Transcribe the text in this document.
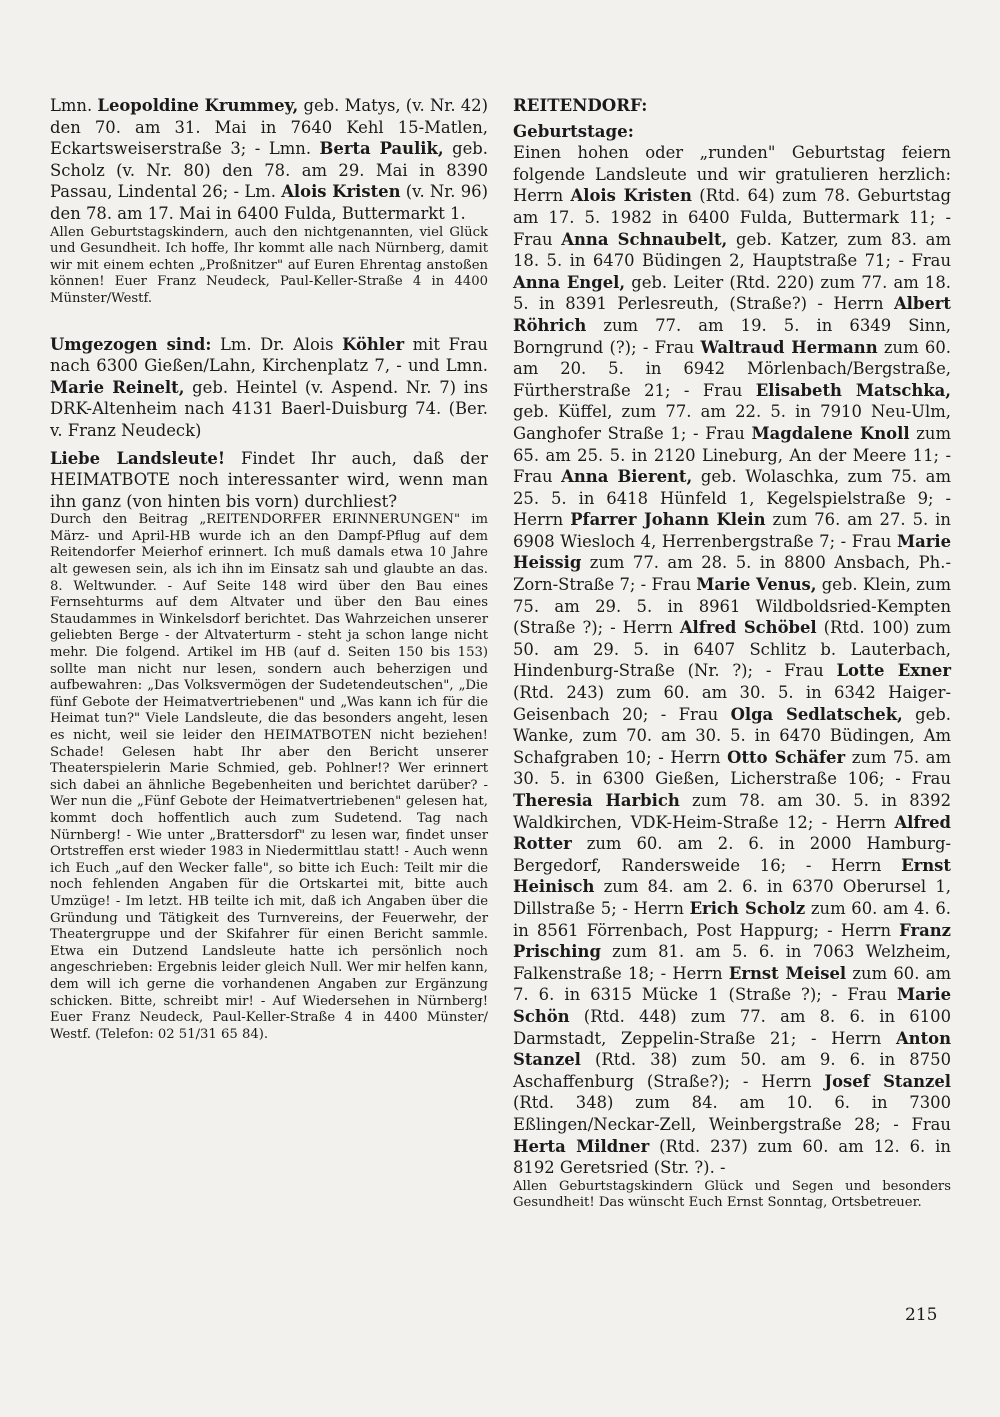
Lmn. Leopoldine Krummey, geb. Matys, (v. Nr. 42) den 70. am 31. Mai in 7640 Kehl 15-Matlen, Eckartsweiserstraße 3; - Lmn. Berta Paulik, geb. Scholz (v. Nr. 80) den 78. am 29. Mai in 8390 Passau, Lindental 26; - Lm. Alois Kristen (v. Nr. 96) den 78. am 17. Mai in 6400 Fulda, Buttermarkt 1.

Allen Geburtstagskindern, auch den nichtgenannten, viel Glück und Gesundheit. Ich hoffe, Ihr kommt alle nach Nürnberg, damit wir mit einem echten „Proßnitzer" auf Euren Ehrentag anstoßen können! Euer Franz Neudeck, Paul-Keller-Straße 4 in 4400 Münster/Westf.

Umgezogen sind: Lm. Dr. Alois Köhler mit Frau nach 6300 Gießen/Lahn, Kirchenplatz 7, - und Lmn. Marie Reinelt, geb. Heintel (v. Aspend. Nr. 7) ins DRK-Altenheim nach 4131 Baerl-Duisburg 74. (Ber. v. Franz Neudeck)

Liebe Landsleute! Findet Ihr auch, daß der HEIMATBOTE noch interessanter wird, wenn man ihn ganz (von hinten bis vorn) durchliest?

Durch den Beitrag „REITENDORFER ERINNERUNGEN" im März- und April-HB wurde ich an den Dampf-Pflug auf dem Reitendorfer Meierhof erinnert. Ich muß damals etwa 10 Jahre alt gewesen sein, als ich ihn im Einsatz sah und glaubte an das. 8. Weltwunder. - Auf Seite 148 wird über den Bau eines Fernsehturms auf dem Altvater und über den Bau eines Staudammes in Winkelsdorf berichtet. Das Wahrzeichen unserer geliebten Berge - der Altvaterturm - steht ja schon lange nicht mehr. Die folgend. Artikel im HB (auf d. Seiten 150 bis 153) sollte man nicht nur lesen, sondern auch beherzigen und aufbewahren: „Das Volksvermögen der Sudetendeutschen", „Die fünf Gebote der Heimatvertriebenen" und „Was kann ich für die Heimat tun?" Viele Landsleute, die das besonders angeht, lesen es nicht, weil sie leider den HEIMATBOTEN nicht beziehen! Schade! Gelesen habt Ihr aber den Bericht unserer Theaterspielerin Marie Schmied, geb. Pohlner!? Wer erinnert sich dabei an ähnliche Begebenheiten und berichtet darüber? - Wer nun die „Fünf Gebote der Heimatvertriebenen" gelesen hat, kommt doch hoffentlich auch zum Sudetend. Tag nach Nürnberg! - Wie unter „Brattersdorf" zu lesen war, findet unser Ortstreffen erst wieder 1983 in Niedermittlau statt! - Auch wenn ich Euch „auf den Wecker falle", so bitte ich Euch: Teilt mir die noch fehlenden Angaben für die Ortskartei mit, bitte auch Umzüge! - Im letzt. HB teilte ich mit, daß ich Angaben über die Gründung und Tätigkeit des Turnvereins, der Feuerwehr, der Theatergruppe und der Skifahrer für einen Bericht sammle. Etwa ein Dutzend Landsleute hatte ich persönlich noch angeschrieben: Ergebnis leider gleich Null. Wer mir helfen kann, dem will ich gerne die vorhandenen Angaben zur Ergänzung schicken. Bitte, schreibt mir! - Auf Wiedersehen in Nürnberg! Euer Franz Neudeck, Paul-Keller-Straße 4 in 4400 Münster/ Westf. (Telefon: 02 51/31 65 84).

REITENDORF:

Geburtstage:

Einen hohen oder „runden" Geburtstag feiern folgende Landsleute und wir gratulieren herzlich: Herrn Alois Kristen (Rtd. 64) zum 78. Geburtstag am 17. 5. 1982 in 6400 Fulda, Buttermark 11; - Frau Anna Schnaubelt, geb. Katzer, zum 83. am 18. 5. in 6470 Büdingen 2, Hauptstraße 71; - Frau Anna Engel, geb. Leiter (Rtd. 220) zum 77. am 18. 5. in 8391 Perlesreuth, (Straße?) - Herrn Albert Röhrich zum 77. am 19. 5. in 6349 Sinn, Borngrund (?); - Frau Waltraud Hermann zum 60. am 20. 5. in 6942 Mörlenbach/Bergstraße, Fürtherstraße 21; - Frau Elisabeth Matschka, geb. Küffel, zum 77. am 22. 5. in 7910 Neu-Ulm, Ganghofer Straße 1; - Frau Magdalene Knoll zum 65. am 25. 5. in 2120 Lineburg, An der Meere 11; - Frau Anna Bierent, geb. Wolaschka, zum 75. am 25. 5. in 6418 Hünfeld 1, Kegelspielstraße 9; - Herrn Pfarrer Johann Klein zum 76. am 27. 5. in 6908 Wiesloch 4, Herrenbergstraße 7; - Frau Marie Heissig zum 77. am 28. 5. in 8800 Ansbach, Ph.-Zorn-Straße 7; - Frau Marie Venus, geb. Klein, zum 75. am 29. 5. in 8961 Wildboldsried-Kempten (Straße ?); - Herrn Alfred Schöbel (Rtd. 100) zum 50. am 29. 5. in 6407 Schlitz b. Lauterbach, Hindenburg-Straße (Nr. ?); - Frau Lotte Exner (Rtd. 243) zum 60. am 30. 5. in 6342 Haiger-Geisenbach 20; - Frau Olga Sedlatschek, geb. Wanke, zum 70. am 30. 5. in 6470 Büdingen, Am Schafgraben 10; - Herrn Otto Schäfer zum 75. am 30. 5. in 6300 Gießen, Licherstraße 106; - Frau Theresia Harbich zum 78. am 30. 5. in 8392 Waldkirchen, VDK-Heim-Straße 12; - Herrn Alfred Rotter zum 60. am 2. 6. in 2000 Hamburg-Bergedorf, Randersweide 16; - Herrn Ernst Heinisch zum 84. am 2. 6. in 6370 Oberursel 1, Dillstraße 5; - Herrn Erich Scholz zum 60. am 4. 6. in 8561 Förrenbach, Post Happurg; - Herrn Franz Prisching zum 81. am 5. 6. in 7063 Welzheim, Falkenstraße 18; - Herrn Ernst Meisel zum 60. am 7. 6. in 6315 Mücke 1 (Straße ?); - Frau Marie Schön (Rtd. 448) zum 77. am 8. 6. in 6100 Darmstadt, Zeppelin-Straße 21; - Herrn Anton Stanzel (Rtd. 38) zum 50. am 9. 6. in 8750 Aschaffenburg (Straße?); - Herrn Josef Stanzel (Rtd. 348) zum 84. am 10. 6. in 7300 Eßlingen/Neckar-Zell, Weinbergstraße 28; - Frau Herta Mildner (Rtd. 237) zum 60. am 12. 6. in 8192 Geretsried (Str. ?). -

Allen Geburtstagskindern Glück und Segen und besonders Gesundheit! Das wünscht Euch Ernst Sonntag, Ortsbetreuer.

215
